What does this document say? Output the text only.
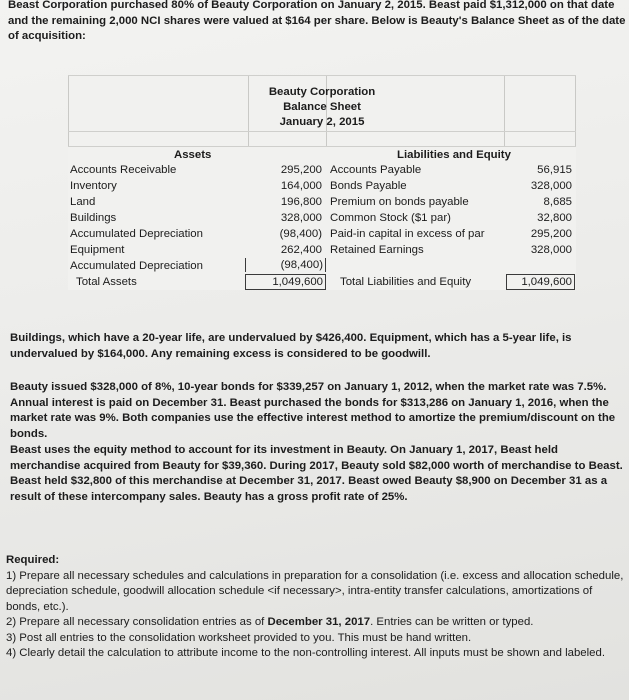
Beast Corporation purchased 80% of Beauty Corporation on January 2, 2015. Beast paid $1,312,000 on that date and the remaining 2,000 NCI shares were valued at $164 per share. Below is Beauty's Balance Sheet as of the date of acquisition:

Beauty Corporation
Balance Sheet
January 2, 2015
Assets	Liabilities and Equity
Accounts Receivable
Inventory
Land
Buildings
Accumulated Depreciation
Equipment
Accumulated Depreciation
Total Assets
295,200
164,000
196,800
328,000
(98,400)
262,400
(98,400)
1,049,600
Accounts Payable
Bonds Payable
Premium on bonds payable
Common Stock ($1 par)
Paid-in capital in excess of par
Retained Earnings
Total Liabilities and Equity
56,915
328,000
8,685
32,800
295,200
328,000
1,049,600

Buildings, which have a 20-year life, are undervalued by $426,400. Equipment, which has a 5-year life, is undervalued by $164,000. Any remaining excess is considered to be goodwill.

Beauty issued $328,000 of 8%, 10-year bonds for $339,257 on January 1, 2012, when the market rate was 7.5%. Annual interest is paid on December 31. Beast purchased the bonds for $313,286 on January 1, 2016, when the market rate was 9%. Both companies use the effective interest method to amortize the premium/discount on the bonds.

Beast uses the equity method to account for its investment in Beauty. On January 1, 2017, Beast held merchandise acquired from Beauty for $39,360. During 2017, Beauty sold $82,000 worth of merchandise to Beast. Beast held $32,800 of this merchandise at December 31, 2017. Beast owed Beauty $8,900 on December 31 as a result of these intercompany sales. Beauty has a gross profit rate of 25%.

Required:
1) Prepare all necessary schedules and calculations in preparation for a consolidation (i.e. excess and allocation schedule, depreciation schedule, goodwill allocation schedule <if necessary>, intra-entity transfer calculations, amortizations of bonds, etc.).
2) Prepare all necessary consolidation entries as of December 31, 2017. Entries can be written or typed.
3) Post all entries to the consolidation worksheet provided to you. This must be hand written.
4) Clearly detail the calculation to attribute income to the non-controlling interest. All inputs must be shown and labeled.
